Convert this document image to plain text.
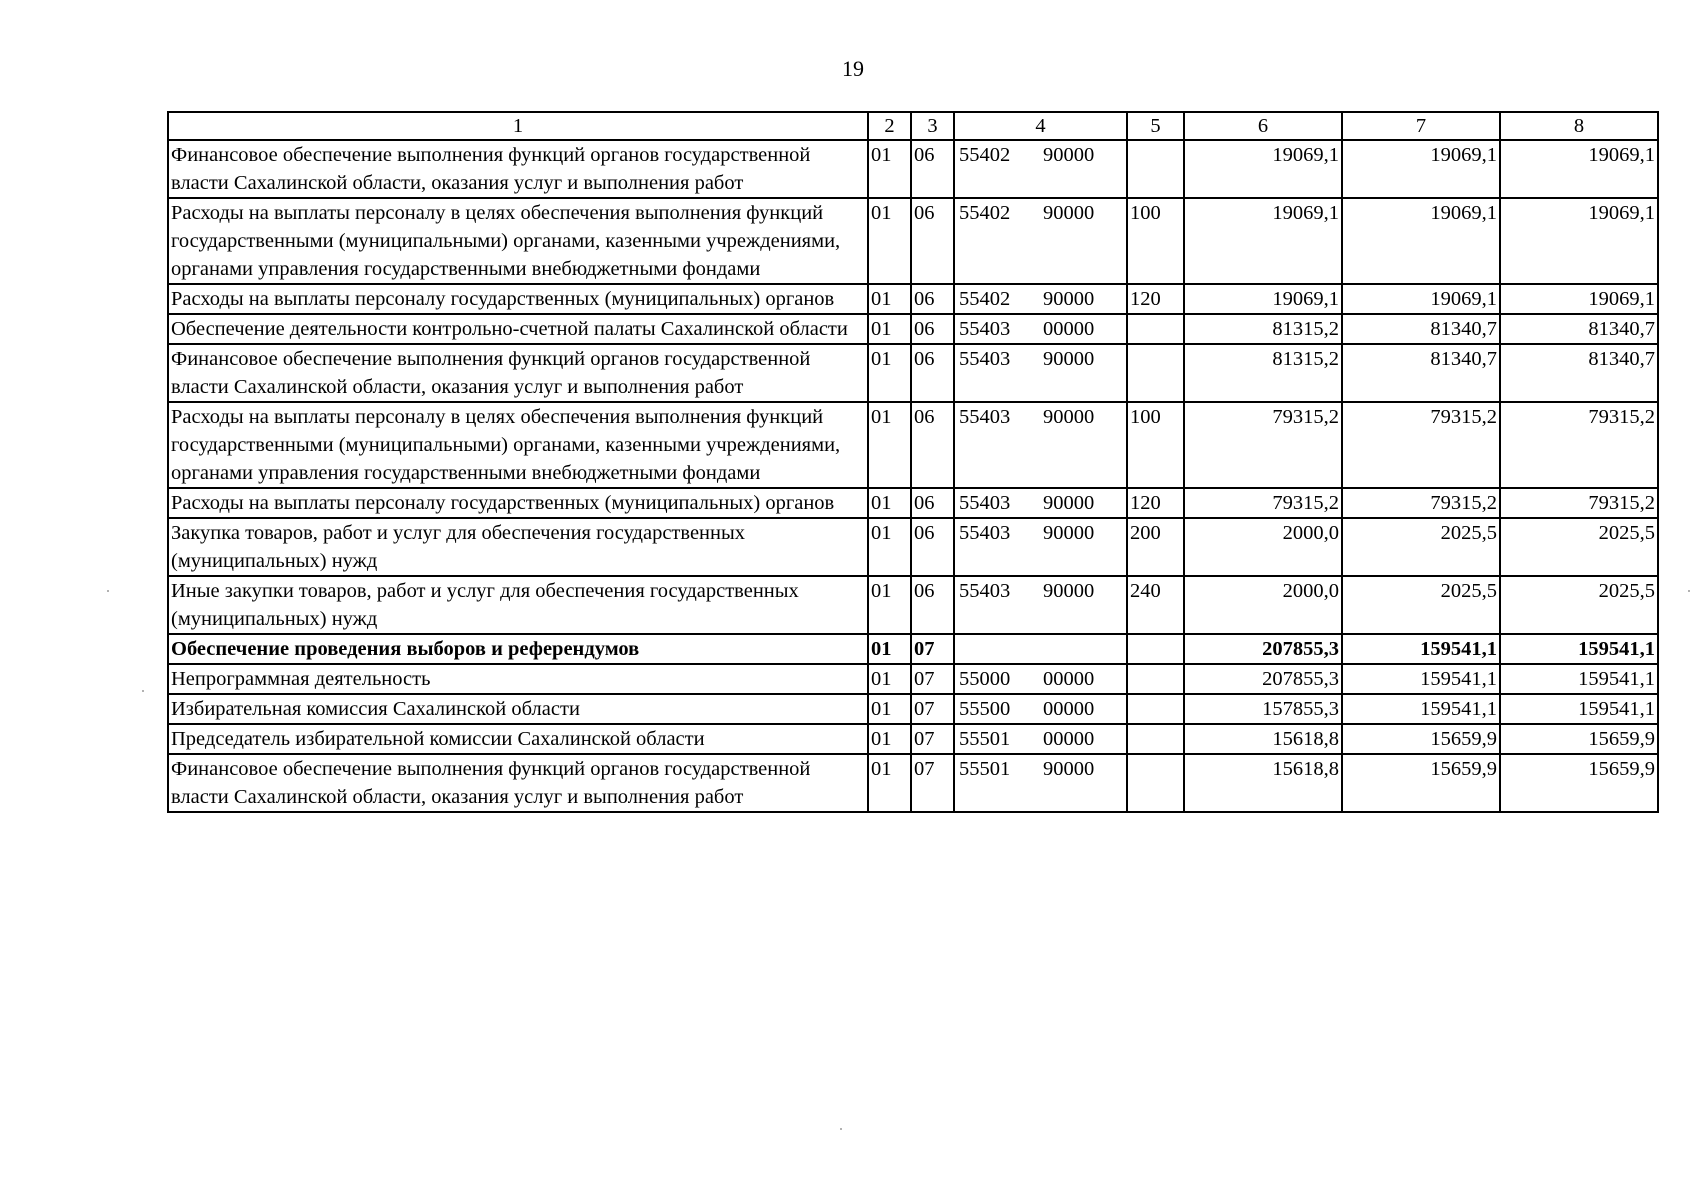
19
1	2	3	4	5	6	7	8
Финансовое обеспечение выполнения функций органов государственной власти Сахалинской области, оказания услуг и выполнения работ	01	06	55402 90000		19069,1	19069,1	19069,1
Расходы на выплаты персоналу в целях обеспечения выполнения функций государственными (муниципальными) органами, казенными учреждениями, органами управления государственными внебюджетными фондами	01	06	55402 90000	100	19069,1	19069,1	19069,1
Расходы на выплаты персоналу государственных (муниципальных) органов	01	06	55402 90000	120	19069,1	19069,1	19069,1
Обеспечение деятельности контрольно-счетной палаты Сахалинской области	01	06	55403 00000		81315,2	81340,7	81340,7
Финансовое обеспечение выполнения функций органов государственной власти Сахалинской области, оказания услуг и выполнения работ	01	06	55403 90000		81315,2	81340,7	81340,7
Расходы на выплаты персоналу в целях обеспечения выполнения функций государственными (муниципальными) органами, казенными учреждениями, органами управления государственными внебюджетными фондами	01	06	55403 90000	100	79315,2	79315,2	79315,2
Расходы на выплаты персоналу государственных (муниципальных) органов	01	06	55403 90000	120	79315,2	79315,2	79315,2
Закупка товаров, работ и услуг для обеспечения государственных (муниципальных) нужд	01	06	55403 90000	200	2000,0	2025,5	2025,5
Иные закупки товаров, работ и услуг для обеспечения государственных (муниципальных) нужд	01	06	55403 90000	240	2000,0	2025,5	2025,5
Обеспечение проведения выборов и референдумов	01	07			207855,3	159541,1	159541,1
Непрограммная деятельность	01	07	55000 00000		207855,3	159541,1	159541,1
Избирательная комиссия Сахалинской области	01	07	55500 00000		157855,3	159541,1	159541,1
Председатель избирательной комиссии Сахалинской области	01	07	55501 00000		15618,8	15659,9	15659,9
Финансовое обеспечение выполнения функций органов государственной власти Сахалинской области, оказания услуг и выполнения работ	01	07	55501 90000		15618,8	15659,9	15659,9
